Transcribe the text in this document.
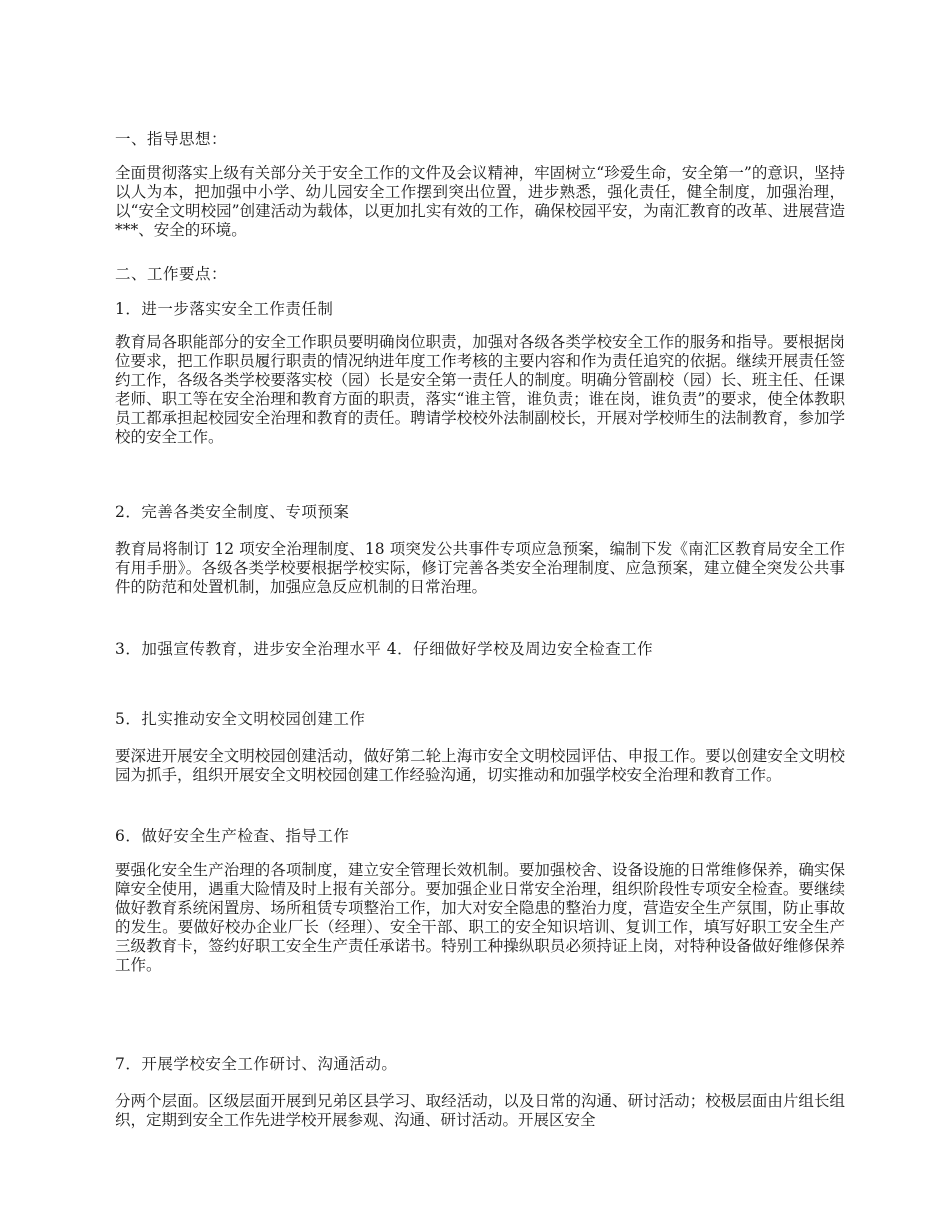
一、指导思想：

全面贯彻落实上级有关部分关于安全工作的文件及会议精神，牢固树立“珍爱生命，安全第一”的意识，坚持以人为本，把加强中小学、幼儿园安全工作摆到突出位置，进步熟悉，强化责任，健全制度，加强治理，以“安全文明校园”创建活动为载体，以更加扎实有效的工作，确保校园平安，为南汇教育的改革、进展营造***、安全的环境。

二、工作要点：

1．进一步落实安全工作责任制

教育局各职能部分的安全工作职员要明确岗位职责，加强对各级各类学校安全工作的服务和指导。要根据岗位要求，把工作职员履行职责的情况纳进年度工作考核的主要内容和作为责任追究的依据。继续开展责任签约工作，各级各类学校要落实校（园）长是安全第一责任人的制度。明确分管副校（园）长、班主任、任课老师、职工等在安全治理和教育方面的职责，落实“谁主管，谁负责；谁在岗，谁负责”的要求，使全体教职员工都承担起校园安全治理和教育的责任。聘请学校校外法制副校长，开展对学校师生的法制教育，参加学校的安全工作。

2．完善各类安全制度、专项预案

教育局将制订 12 项安全治理制度、18 项突发公共事件专项应急预案，编制下发《南汇区教育局安全工作有用手册》。各级各类学校要根据学校实际，修订完善各类安全治理制度、应急预案，建立健全突发公共事件的防范和处置机制，加强应急反应机制的日常治理。

3．加强宣传教育，进步安全治理水平 4．仔细做好学校及周边安全检查工作

5．扎实推动安全文明校园创建工作

要深进开展安全文明校园创建活动，做好第二轮上海市安全文明校园评估、申报工作。要以创建安全文明校园为抓手，组织开展安全文明校园创建工作经验沟通，切实推动和加强学校安全治理和教育工作。

6．做好安全生产检查、指导工作

要强化安全生产治理的各项制度，建立安全管理长效机制。要加强校舍、设备设施的日常维修保养，确实保障安全使用，遇重大险情及时上报有关部分。要加强企业日常安全治理，组织阶段性专项安全检查。要继续做好教育系统闲置房、场所租赁专项整治工作，加大对安全隐患的整治力度，营造安全生产氛围，防止事故的发生。要做好校办企业厂长（经理）、安全干部、职工的安全知识培训、复训工作，填写好职工安全生产三级教育卡，签约好职工安全生产责任承诺书。特别工种操纵职员必须持证上岗，对特种设备做好维修保养工作。

7．开展学校安全工作研讨、沟通活动。

分两个层面。区级层面开展到兄弟区县学习、取经活动，以及日常的沟通、研讨活动；校极层面由片组长组织，定期到安全工作先进学校开展参观、沟通、研讨活动。开展区安全
